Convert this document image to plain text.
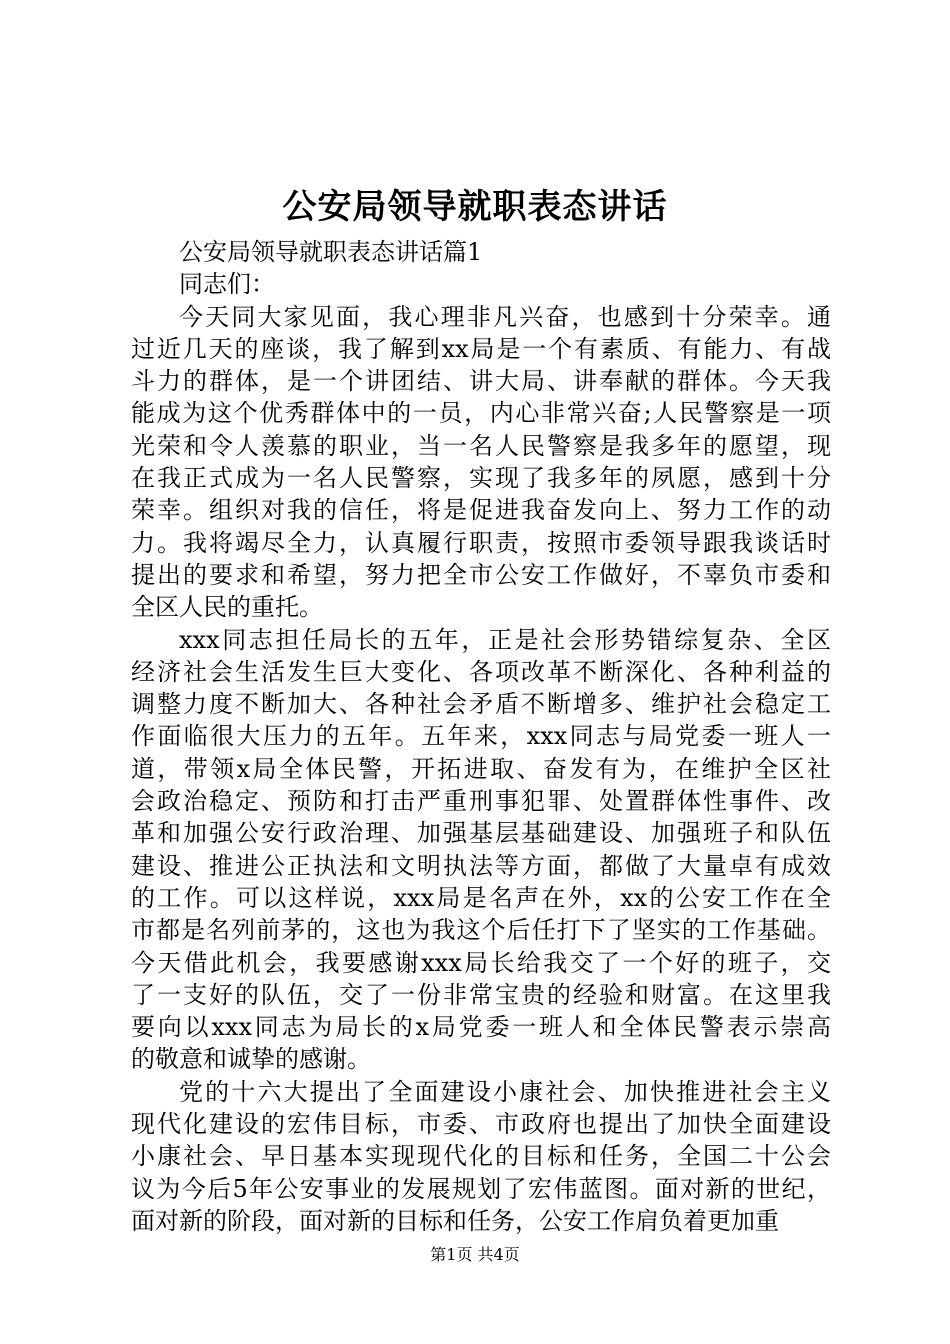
公安局领导就职表态讲话
公安局领导就职表态讲话篇1
同志们：
今天同大家见面，我心理非凡兴奋，也感到十分荣幸。通
过近几天的座谈，我了解到xx局是一个有素质、有能力、有战
斗力的群体，是一个讲团结、讲大局、讲奉献的群体。今天我
能成为这个优秀群体中的一员，内心非常兴奋;人民警察是一项
光荣和令人羡慕的职业，当一名人民警察是我多年的愿望，现
在我正式成为一名人民警察，实现了我多年的夙愿，感到十分
荣幸。组织对我的信任，将是促进我奋发向上、努力工作的动
力。我将竭尽全力，认真履行职责，按照市委领导跟我谈话时
提出的要求和希望，努力把全市公安工作做好，不辜负市委和
全区人民的重托。
xxx同志担任局长的五年，正是社会形势错综复杂、全区
经济社会生活发生巨大变化、各项改革不断深化、各种利益的
调整力度不断加大、各种社会矛盾不断增多、维护社会稳定工
作面临很大压力的五年。五年来，xxx同志与局党委一班人一
道，带领x局全体民警，开拓进取、奋发有为，在维护全区社
会政治稳定、预防和打击严重刑事犯罪、处置群体性事件、改
革和加强公安行政治理、加强基层基础建设、加强班子和队伍
建设、推进公正执法和文明执法等方面，都做了大量卓有成效
的工作。可以这样说，xxx局是名声在外，xx的公安工作在全
市都是名列前茅的，这也为我这个后任打下了坚实的工作基础。
今天借此机会，我要感谢xxx局长给我交了一个好的班子，交
了一支好的队伍，交了一份非常宝贵的经验和财富。在这里我
要向以xxx同志为局长的x局党委一班人和全体民警表示崇高
的敬意和诚挚的感谢。
党的十六大提出了全面建设小康社会、加快推进社会主义
现代化建设的宏伟目标，市委、市政府也提出了加快全面建设
小康社会、早日基本实现现代化的目标和任务，全国二十公会
议为今后5年公安事业的发展规划了宏伟蓝图。面对新的世纪，
面对新的阶段，面对新的目标和任务，公安工作肩负着更加重
第1页 共4页
